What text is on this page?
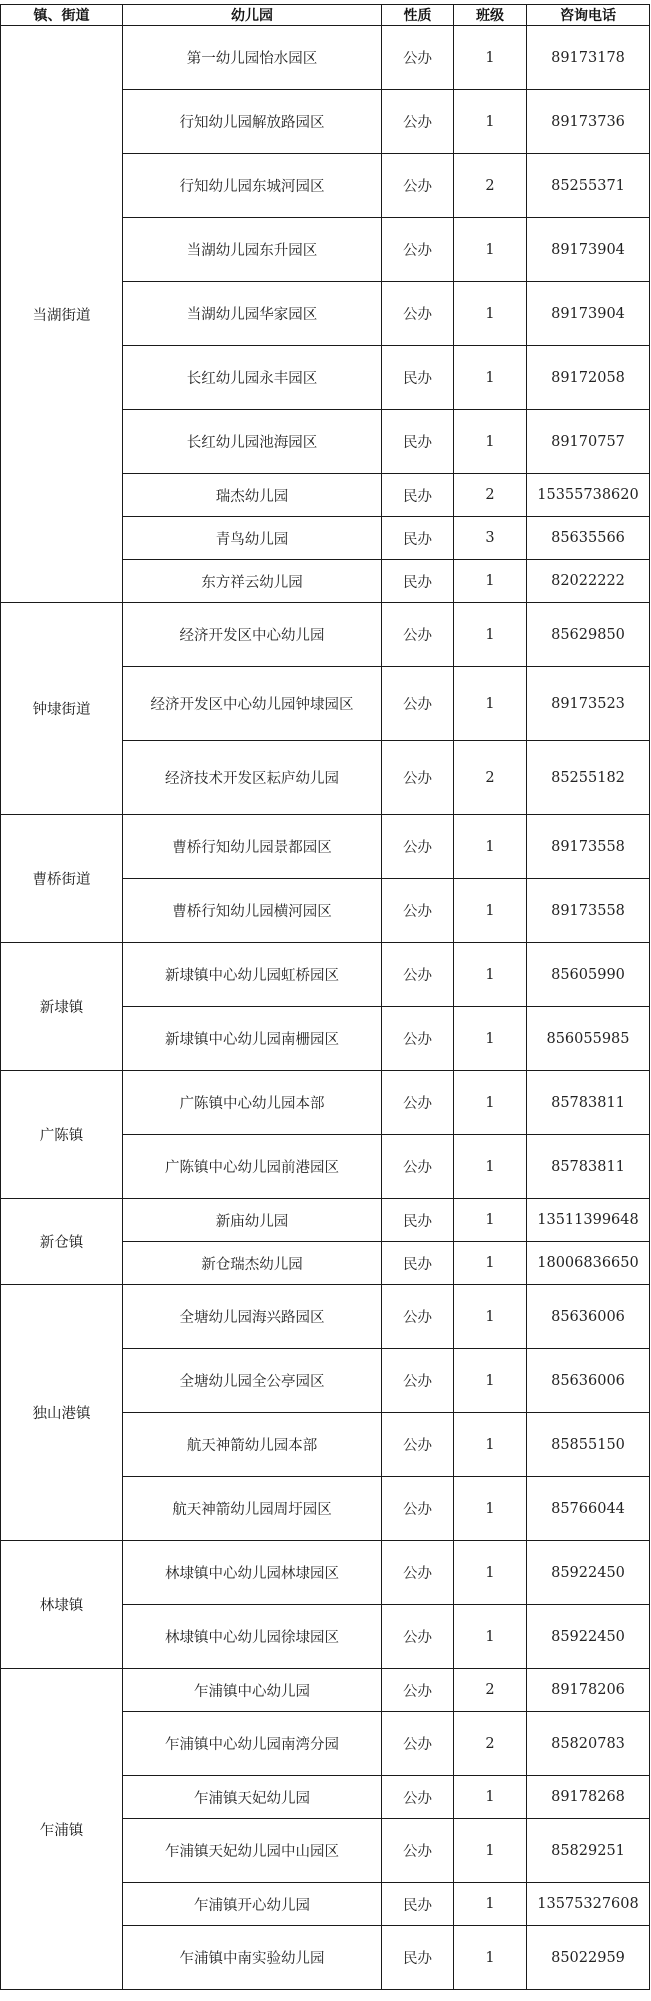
镇、街道	幼儿园	性质	班级	咨询电话
当湖街道	第一幼儿园怡水园区	公办	1	89173178
	行知幼儿园解放路园区	公办	1	89173736
	行知幼儿园东城河园区	公办	2	85255371
	当湖幼儿园东升园区	公办	1	89173904
	当湖幼儿园华家园区	公办	1	89173904
	长红幼儿园永丰园区	民办	1	89172058
	长红幼儿园池海园区	民办	1	89170757
	瑞杰幼儿园	民办	2	15355738620
	青鸟幼儿园	民办	3	85635566
	东方祥云幼儿园	民办	1	82022222
钟埭街道	经济开发区中心幼儿园	公办	1	85629850
	经济开发区中心幼儿园钟埭园区	公办	1	89173523
	经济技术开发区耘庐幼儿园	公办	2	85255182
曹桥街道	曹桥行知幼儿园景都园区	公办	1	89173558
	曹桥行知幼儿园横河园区	公办	1	89173558
新埭镇	新埭镇中心幼儿园虹桥园区	公办	1	85605990
	新埭镇中心幼儿园南栅园区	公办	1	856055985
广陈镇	广陈镇中心幼儿园本部	公办	1	85783811
	广陈镇中心幼儿园前港园区	公办	1	85783811
新仓镇	新庙幼儿园	民办	1	13511399648
	新仓瑞杰幼儿园	民办	1	18006836650
独山港镇	全塘幼儿园海兴路园区	公办	1	85636006
	全塘幼儿园全公亭园区	公办	1	85636006
	航天神箭幼儿园本部	公办	1	85855150
	航天神箭幼儿园周圩园区	公办	1	85766044
林埭镇	林埭镇中心幼儿园林埭园区	公办	1	85922450
	林埭镇中心幼儿园徐埭园区	公办	1	85922450
乍浦镇	乍浦镇中心幼儿园	公办	2	89178206
	乍浦镇中心幼儿园南湾分园	公办	2	85820783
	乍浦镇天妃幼儿园	公办	1	89178268
	乍浦镇天妃幼儿园中山园区	公办	1	85829251
	乍浦镇开心幼儿园	民办	1	13575327608
	乍浦镇中南实验幼儿园	民办	1	85022959
